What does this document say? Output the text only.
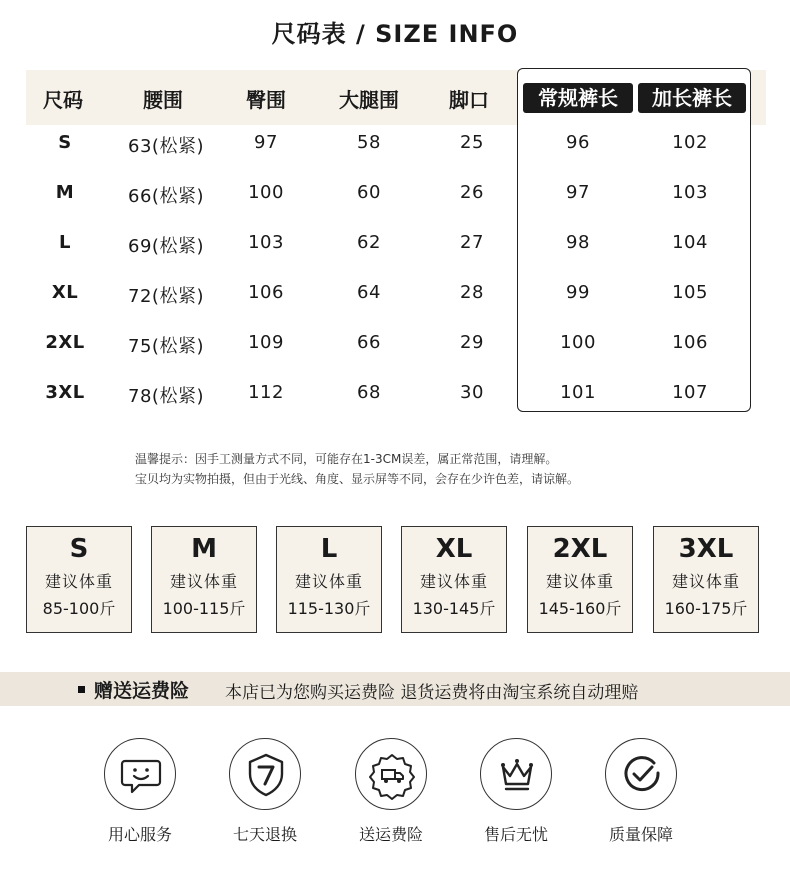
尺码表 / SIZE INFO
尺码	腰围	臀围	大腿围	脚口	常规裤长	加长裤长
S	63(松紧)	97	58	25	96	102
M	66(松紧)	100	60	26	97	103
L	69(松紧)	103	62	27	98	104
XL	72(松紧)	106	64	28	99	105
2XL	75(松紧)	109	66	29	100	106
3XL	78(松紧)	112	68	30	101	107
温馨提示：因手工测量方式不同，可能存在1-3CM误差，属正常范围，请理解。
宝贝均为实物拍摄，但由于光线、角度、显示屏等不同，会存在少许色差，请谅解。
S
建议体重
85-100斤
M
建议体重
100-115斤
L
建议体重
115-130斤
XL
建议体重
130-145斤
2XL
建议体重
145-160斤
3XL
建议体重
160-175斤
赠送运费险 本店已为您购买运费险 退货运费将由淘宝系统自动理赔
用心服务	七天退换	送运费险	售后无忧	质量保障
